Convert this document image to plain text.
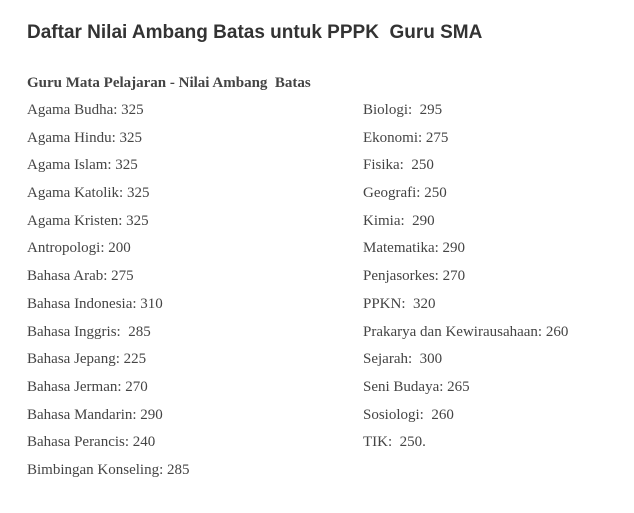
Daftar Nilai Ambang Batas untuk PPPK  Guru SMA
Guru Mata Pelajaran - Nilai Ambang  Batas
Agama Budha: 325
Agama Hindu: 325
Agama Islam: 325
Agama Katolik: 325
Agama Kristen: 325
Antropologi: 200
Bahasa Arab: 275
Bahasa Indonesia: 310
Bahasa Inggris:  285
Bahasa Jepang: 225
Bahasa Jerman: 270
Bahasa Mandarin: 290
Bahasa Perancis: 240
Bimbingan Konseling: 285
Biologi:  295
Ekonomi: 275
Fisika:  250
Geografi: 250
Kimia:  290
Matematika: 290
Penjasorkes: 270
PPKN:  320
Prakarya dan Kewirausahaan: 260
Sejarah:  300
Seni Budaya: 265
Sosiologi:  260
TIK:  250.
